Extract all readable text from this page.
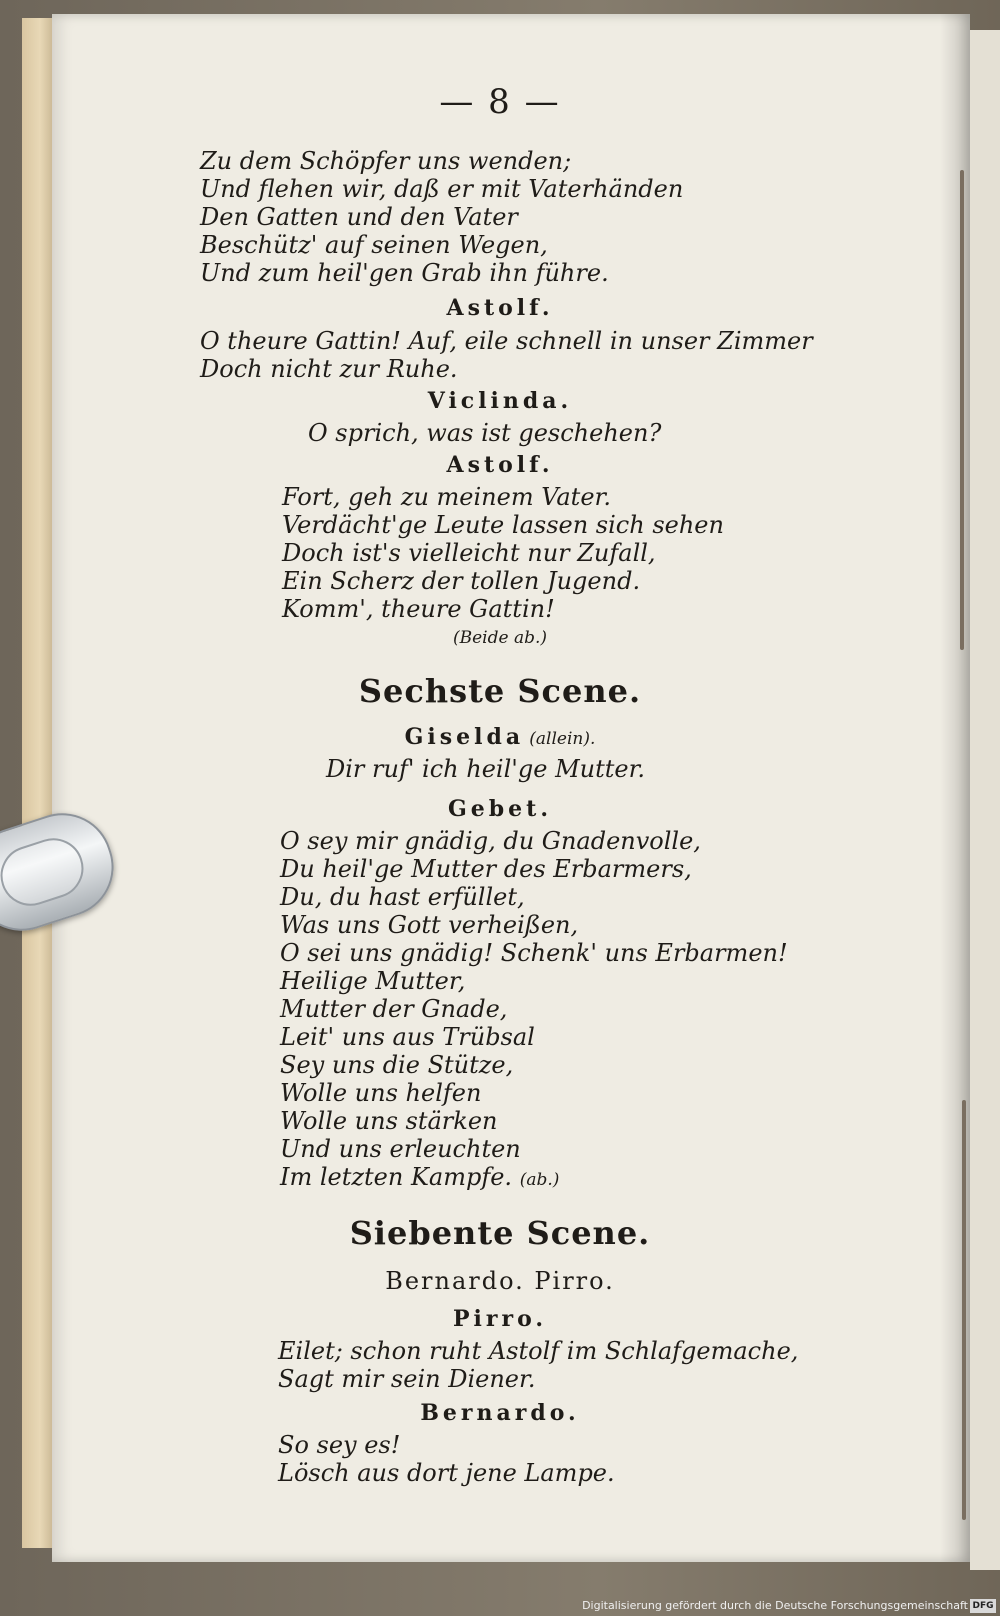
— 8 —
Zu dem Schöpfer uns wenden;
Und flehen wir, daß er mit Vaterhänden
Den Gatten und den Vater
Beschütz' auf seinen Wegen,
Und zum heil'gen Grab ihn führe.
Astolf.
O theure Gattin! Auf, eile schnell in unser Zimmer
Doch nicht zur Ruhe.
Viclinda.
O sprich, was ist geschehen?
Astolf.
Fort, geh zu meinem Vater.
Verdächt'ge Leute lassen sich sehen
Doch ist's vielleicht nur Zufall,
Ein Scherz der tollen Jugend.
Komm', theure Gattin!
(Beide ab.)
Sechste Scene.
Giselda (allein).
Dir ruf' ich heil'ge Mutter.
Gebet.
O sey mir gnädig, du Gnadenvolle,
Du heil'ge Mutter des Erbarmers,
Du, du hast erfüllet,
Was uns Gott verheißen,
O sei uns gnädig! Schenk' uns Erbarmen!
Heilige Mutter,
Mutter der Gnade,
Leit' uns aus Trübsal
Sey uns die Stütze,
Wolle uns helfen
Wolle uns stärken
Und uns erleuchten
Im letzten Kampfe. (ab.)
Siebente Scene.
Bernardo. Pirro.
Pirro.
Eilet; schon ruht Astolf im Schlafgemache,
Sagt mir sein Diener.
Bernardo.
So sey es!
Lösch aus dort jene Lampe.
Digitalisierung gefördert durch die Deutsche Forschungsgemeinschaft DFG
